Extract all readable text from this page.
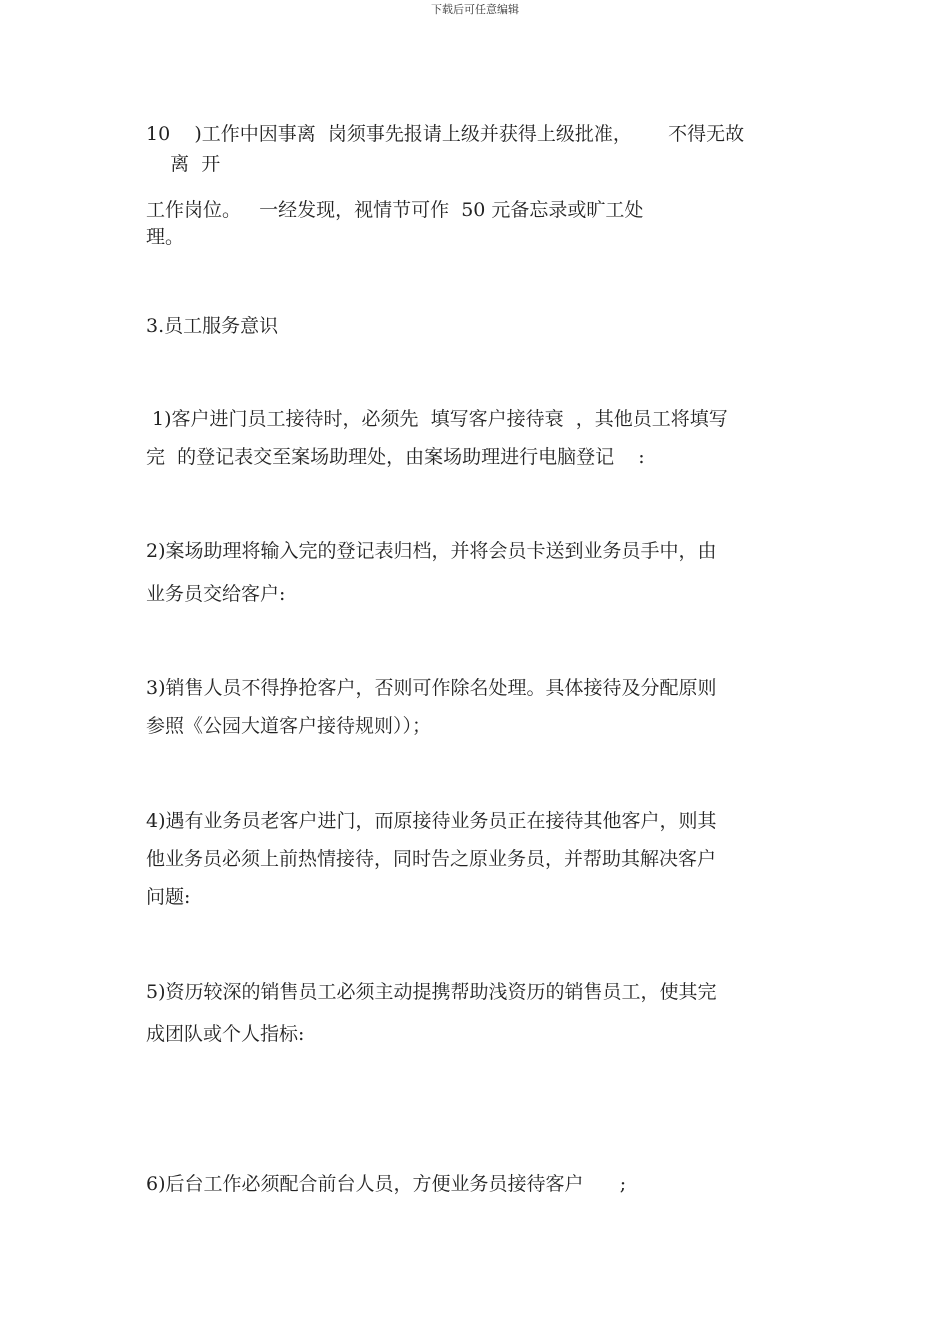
下载后可任意编辑
10    )工作中因事离  岗须事先报请上级并获得上级批准，      不得无故
离  开
工作岗位。   一经发现，视情节可作  50 元备忘录或旷工处
理。
3.员工服务意识
1)客户进门员工接待时，必须先  填写客户接待衰  ，其他员工将填写
完  的登记表交至案场助理处，由案场助理进行电脑登记    :
2)案场助理将输入完的登记表归档，并将会员卡送到业务员手中，由
业务员交给客户:
3)销售人员不得挣抢客户，否则可作除名处理。具体接待及分配原则
参照《公园大道客户接待规则））；
4)遇有业务员老客户进门，而原接待业务员正在接待其他客户，则其
他业务员必须上前热情接待，同时告之原业务员，并帮助其解决客户
问题:
5)资历较深的销售员工必须主动提携帮助浅资历的销售员工，使其完
成团队或个人指标:
6)后台工作必须配合前台人员，方便业务员接待客户      ;
